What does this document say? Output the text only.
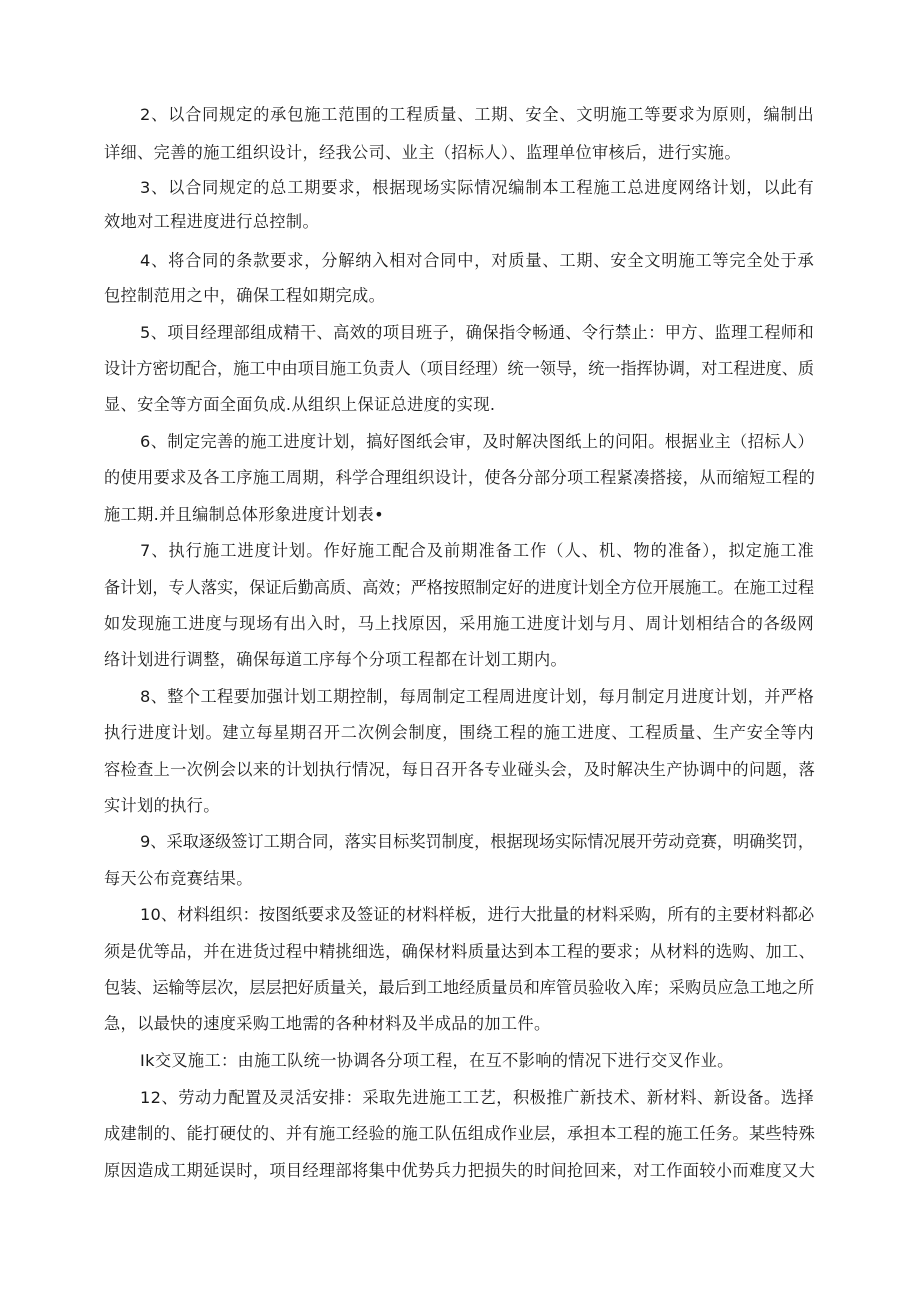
2、以合同规定的承包施工范围的工程质量、工期、安全、文明施工等要求为原则，编制出
详细、完善的施工组织设计，经我公司、业主（招标人）、监理单位审核后，进行实施。
3、以合同规定的总工期要求，根据现场实际情况编制本工程施工总进度网络计划，以此有
效地对工程进度进行总控制。
4、将合同的条款要求，分解纳入相对合同中，对质量、工期、安全文明施工等完全处于承
包控制范用之中，确保工程如期完成。
5、项目经理部组成精干、高效的项目班子，确保指令畅通、令行禁止：甲方、监理工程师和
设计方密切配合，施工中由项目施工负责人（项目经理）统一领导，统一指挥协调，对工程进度、质
显、安全等方面全面负成.从组织上保证总进度的实现.
6、制定完善的施工进度计划，搞好图纸会审，及时解决图纸上的问阳。根据业主（招标人）
的使用要求及各工序施工周期，科学合理组织设计，使各分部分项工程紧凑搭接，从而缩短工程的
施工期.并且编制总体形象进度计划表•
7、执行施工进度计划。作好施工配合及前期准备工作（人、机、物的准备），拟定施工准
备计划，专人落实，保证后勤高质、高效；严格按照制定好的进度计划全方位开展施工。在施工过程
如发现施工进度与现场有出入时，马上找原因，采用施工进度计划与月、周计划相结合的各级网
络计划进行调整，确保毎道工序每个分项工程都在计划工期内。
8、整个工程要加强计划工期控制，每周制定工程周进度计划，每月制定月进度计划，并严格
执行进度计划。建立每星期召开二次例会制度，围绕工程的施工进度、工程质量、生产安全等内
容检查上一次例会以来的计划执行情况，每日召开各专业碰头会，及时解决生产协调中的问题，落
实计划的执行。
9、采取逐级签订工期合同，落实目标奖罚制度，根据现场实际情况展开劳动竞赛，明确奖罚，
每天公布竞赛结果。
10、材料组织：按图纸要求及签证的材料样板，进行大批量的材料采购，所有的主要材料都必
须是优等品，并在进货过程中精挑细选，确保材料质量达到本工程的要求；从材料的选购、加工、
包装、运输等层次，层层把好质量关，最后到工地经质量员和库管员验收入库；采购员应急工地之所
急，以最快的速度采购工地需的各种材料及半成品的加工件。
Ik交叉施工：由施工队统一协调各分项工程，在互不影响的情况下进行交叉作业。
12、劳动力配置及灵活安排：采取先进施工工艺，积极推广新技术、新材料、新设备。选择
成建制的、能打硬仗的、并有施工经验的施工队伍组成作业层，承担本工程的施工任务。某些特殊
原因造成工期延误时，项目经理部将集中优势兵力把损失的时间抢回来，对工作面较小而难度又大
